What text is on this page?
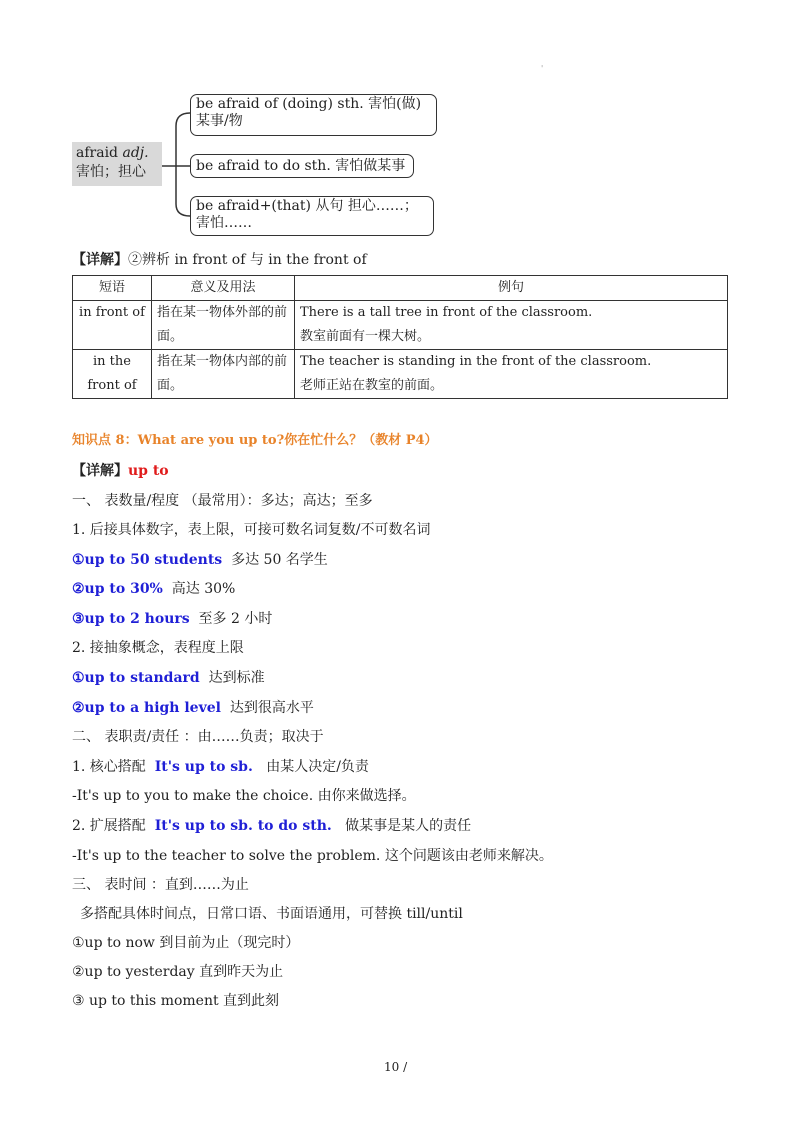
'
afraid adj.
害怕；担心
be afraid of (doing) sth. 害怕(做)某事/物
be afraid to do sth. 害怕做某事
be afraid+(that) 从句 担心……；害怕……
【详解】②辨析 in front of 与 in the front of
短语	意义及用法	例句
in front of	指在某一物体外部的前面。	There is a tall tree in front of the classroom.
教室前面有一棵大树。

in the front of	指在某一物体内部的前面。	The teacher is standing in the front of the classroom.
老师正站在教室的前面。
知识点 8：What are you up to?你在忙什么？（教材 P4）
【详解】up to
一、 表数量/程度 （最常用）：多达；高达；至多
1. 后接具体数字，表上限，可接可数名词复数/不可数名词
①up to 50 students 多达 50 名学生
②up to 30% 高达 30%
③up to 2 hours 至多 2 小时
2. 接抽象概念，表程度上限
①up to standard 达到标准
②up to a high level 达到很高水平
二、 表职责/责任 ：由……负责；取决于
1. 核心搭配 It's up to sb. 由某人决定/负责
-It's up to you to make the choice. 由你来做选择。
2. 扩展搭配 It's up to sb. to do sth. 做某事是某人的责任
-It's up to the teacher to solve the problem. 这个问题该由老师来解决。
三、 表时间 ：直到……为止
多搭配具体时间点，日常口语、书面语通用，可替换 till/until
①up to now 到目前为止（现完时）
②up to yesterday 直到昨天为止
③ up to this moment 直到此刻
10 /
